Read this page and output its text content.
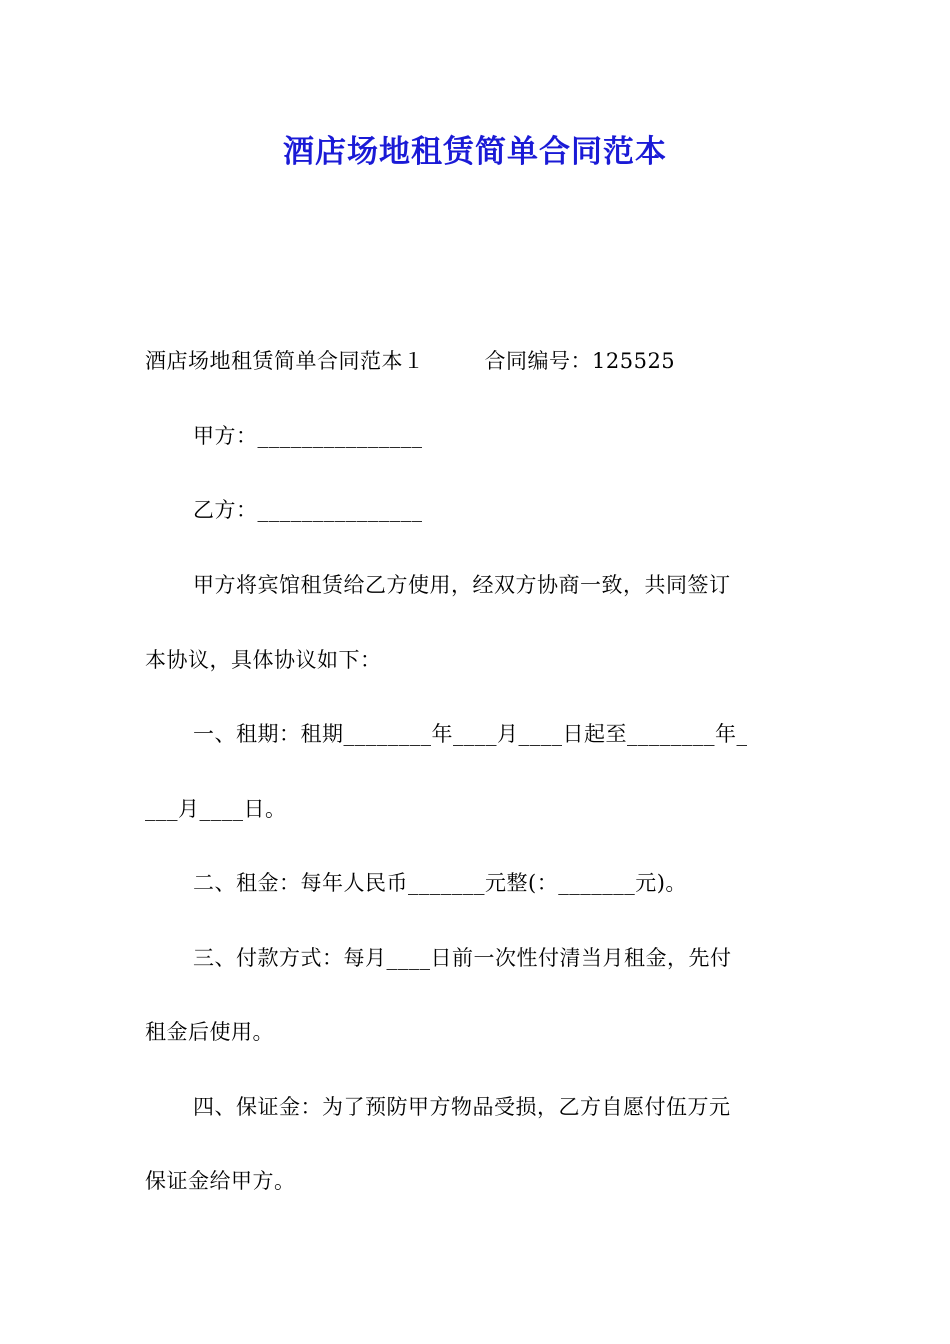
酒店场地租赁简单合同范本
酒店场地租赁简单合同范本１	合同编号：125525
甲方：_______________
乙方：_______________
甲方将宾馆租赁给乙方使用，经双方协商一致，共同签订
本协议，具体协议如下：
一、租期：租期________年____月____日起至________年_
___月____日。
二、租金：每年人民币_______元整(：_______元)。
三、付款方式：每月____日前一次性付清当月租金，先付
租金后使用。
四、保证金：为了预防甲方物品受损，乙方自愿付伍万元
保证金给甲方。
